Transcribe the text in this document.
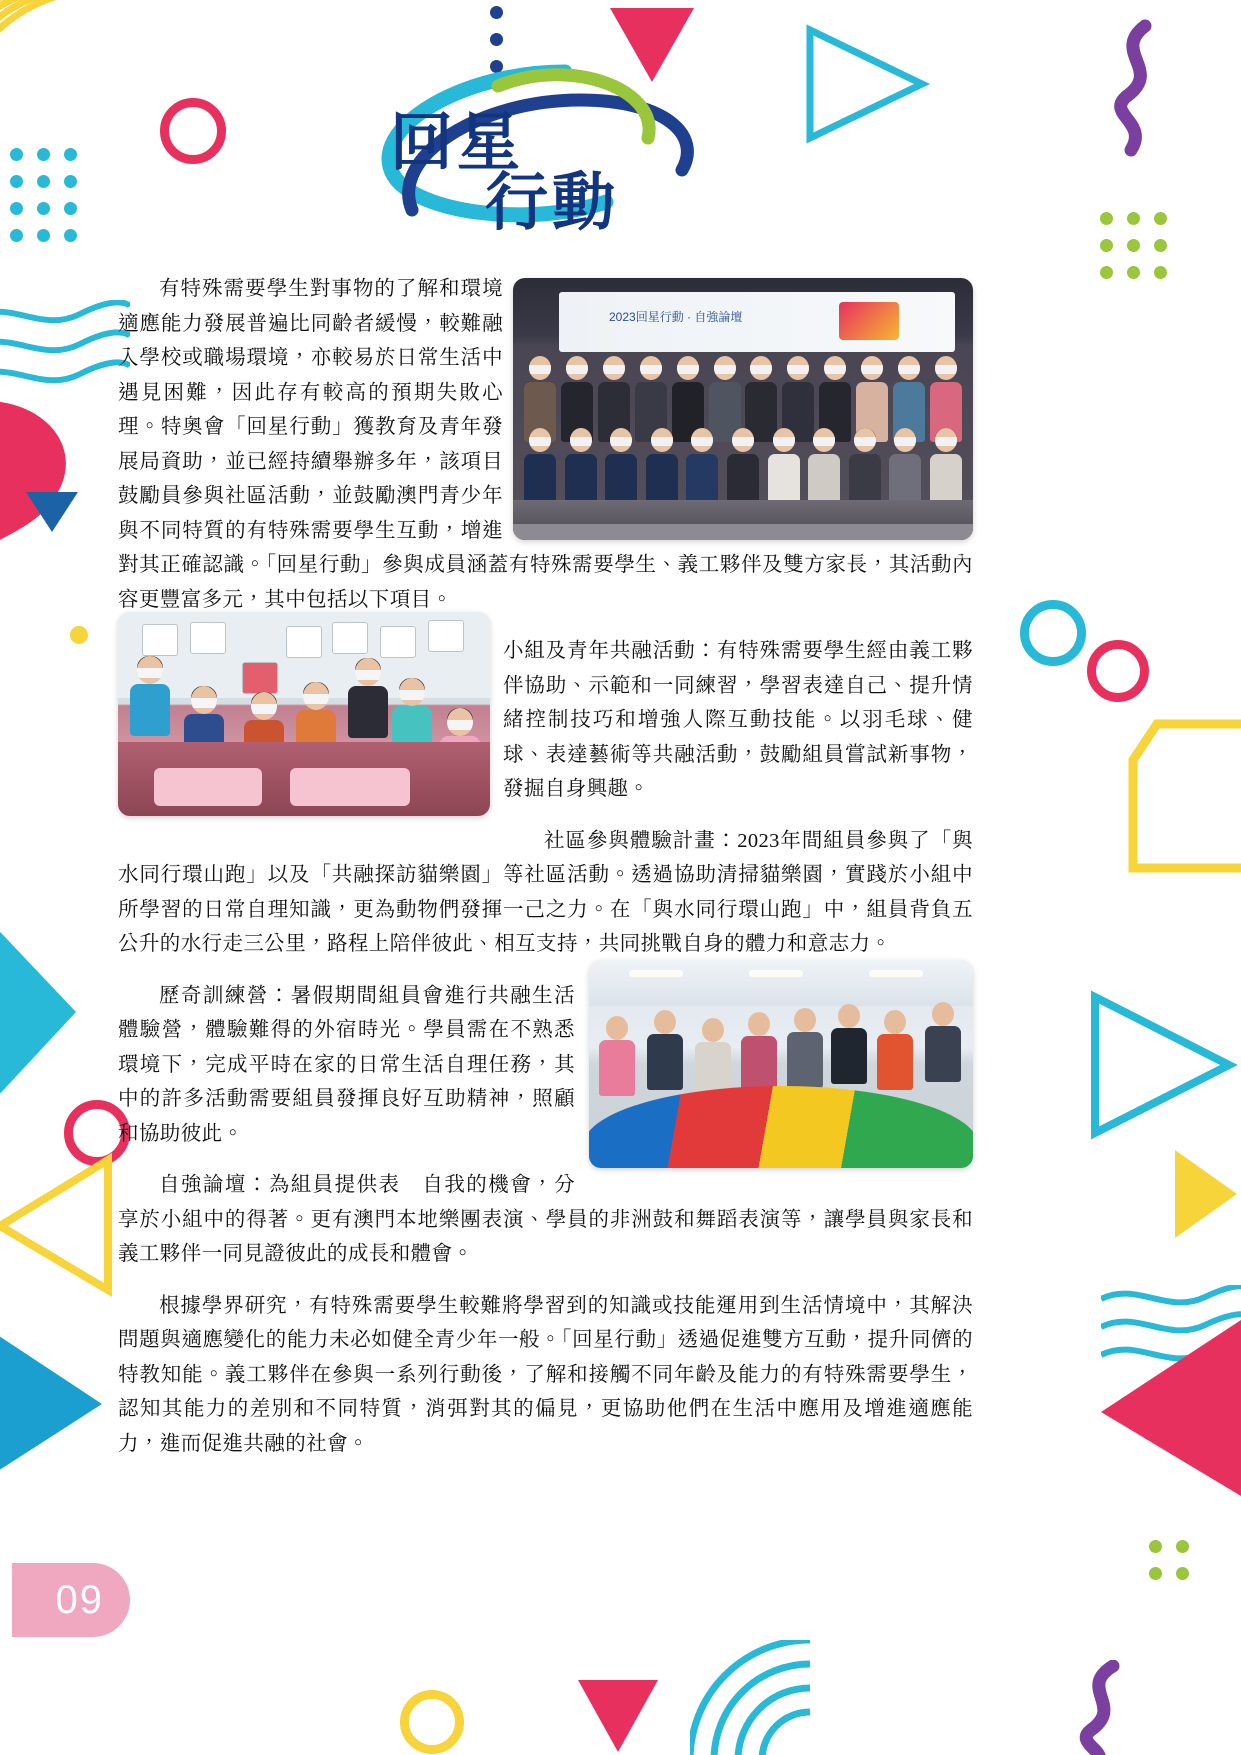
回星
行動
2023回星行動 · 自強論壇

有特殊需要學生對事物的了解和環境適應能力發展普遍比同齡者緩慢，較難融入學校或職場環境，亦較易於日常生活中遇見困難，因此存有較高的預期失敗心理。特奧會「回星行動」獲教育及青年發展局資助，並已經持續舉辦多年，該項目鼓勵員參與社區活動，並鼓勵澳門青少年與不同特質的有特殊需要學生互動，增進對其正確認識。「回星行動」參與成員涵蓋有特殊需要學生、義工夥伴及雙方家長，其活動內容更豐富多元，其中包括以下項目。

小組及青年共融活動：有特殊需要學生經由義工夥伴協助、示範和一同練習，學習表達自己、提升情緒控制技巧和增強人際互動技能。以羽毛球、健球、表達藝術等共融活動，鼓勵組員嘗試新事物，發掘自身興趣。

社區參與體驗計畫：2023年間組員參與了「與水同行環山跑」以及「共融探訪貓樂園」等社區活動。透過協助清掃貓樂園，實踐於小組中所學習的日常自理知識，更為動物們發揮一己之力。在「與水同行環山跑」中，組員背負五公升的水行走三公里，路程上陪伴彼此、相互支持，共同挑戰自身的體力和意志力。

歷奇訓練營：暑假期間組員會進行共融生活體驗營，體驗難得的外宿時光。學員需在不熟悉環境下，完成平時在家的日常生活自理任務，其中的許多活動需要組員發揮良好互助精神，照顧和協助彼此。

自強論壇：為組員提供表　自我的機會，分享於小組中的得著。更有澳門本地樂團表演、學員的非洲鼓和舞蹈表演等，讓學員與家長和義工夥伴一同見證彼此的成長和體會。

根據學界研究，有特殊需要學生較難將學習到的知識或技能運用到生活情境中，其解決問題與適應變化的能力未必如健全青少年一般。「回星行動」透過促進雙方互動，提升同儕的特教知能。義工夥伴在參與一系列行動後，了解和接觸不同年齡及能力的有特殊需要學生，認知其能力的差別和不同特質，消弭對其的偏見，更協助他們在生活中應用及增進適應能力，進而促進共融的社會。

09
